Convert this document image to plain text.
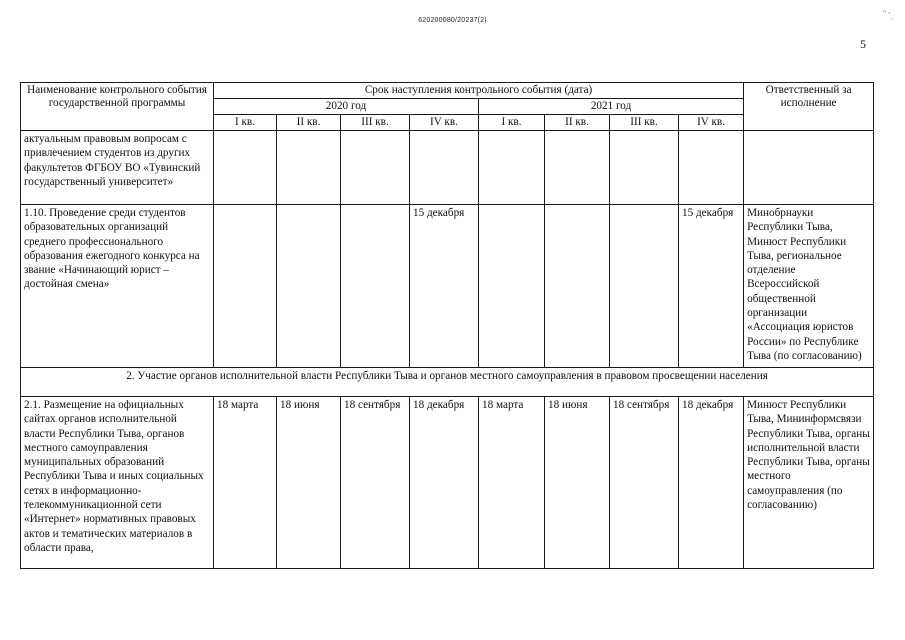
620200080/20237(2)	" ' .
5
Наименование контрольного события государственной программы	Срок наступления контрольного события (дата)								Ответственный за исполнение
	2020 год				2021 год				
	I кв.	II кв.	III кв.	IV кв.	I кв.	II кв.	III кв.	IV кв.	
актуальным правовым вопросам с привлечением студентов из других факультетов ФГБОУ ВО «Тувинский государственный университет»									
1.10. Проведение среди студентов образовательных организаций среднего профессионального образования ежегодного конкурса на звание «Начинающий юрист – достойная смена»				15 декабря				15 декабря	Минобрнауки Республики Тыва, Минюст Республики Тыва, региональное отделение Всероссийской общественной организации «Ассоциация юристов России» по Республике Тыва (по согласованию)
2. Участие органов исполнительной власти Республики Тыва и органов местного самоуправления в правовом просвещении населения									
2.1. Размещение на официальных сайтах органов исполнительной власти Республики Тыва, органов местного самоуправления муниципальных образований Республики Тыва и иных социальных сетях в информационно-телекоммуникационной сети «Интернет» нормативных правовых актов и тематических материалов в области права,	18 марта	18 июня	18 сентября	18 декабря	18 марта	18 июня	18 сентября	18 декабря	Минюст Республики Тыва, Мининформсвязи Республики Тыва, органы исполнительной власти Республики Тыва, органы местного самоуправления (по согласованию)
